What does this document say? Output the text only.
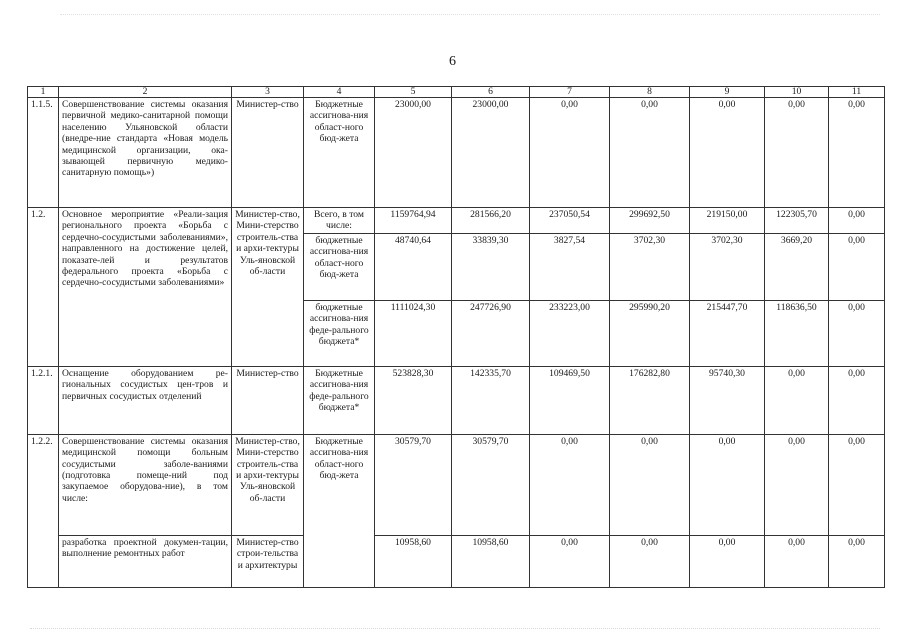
6
1	2	3	4	5	6	7	8	9	10	11
1.1.5.	Совершенствование системы оказания первичной медико-санитарной помощи населению Ульяновской области (внедре-ние стандарта «Новая модель медицинской организации, ока-зывающей первичную медико-санитарную помощь»)	Министер-ство	Бюджетные ассигнова-ния област-ного бюд-жета	23000,00	23000,00	0,00	0,00	0,00	0,00	0,00
1.2.	Основное мероприятие «Реали-зация регионального проекта «Борьба с сердечно-сосудистыми заболеваниями», направленного на достижение целей, показате-лей и результатов федерального проекта «Борьба с сердечно-сосудистыми заболеваниями»	Министер-ство, Мини-стерство строитель-ства и архи-тектуры Уль-яновской об-ласти	Всего, в том числе:	1159764,94	281566,20	237050,54	299692,50	219150,00	122305,70	0,00
			бюджетные ассигнова-ния област-ного бюд-жета	48740,64	33839,30	3827,54	3702,30	3702,30	3669,20	0,00
			бюджетные ассигнова-ния феде-рального бюджета*	1111024,30	247726,90	233223,00	295990,20	215447,70	118636,50	0,00
1.2.1.	Оснащение оборудованием ре-гиональных сосудистых цен-тров и первичных сосудистых отделений	Министер-ство	Бюджетные ассигнова-ния феде-рального бюджета*	523828,30	142335,70	109469,50	176282,80	95740,30	0,00	0,00
1.2.2.	Совершенствование системы оказания медицинской помощи больным сосудистыми заболе-ваниями (подготовка помеще-ний под закупаемое оборудова-ние), в том числе:	Министер-ство, Мини-стерство строитель-ства и архи-тектуры Уль-яновской об-ласти	Бюджетные ассигнова-ния област-ного бюд-жета	30579,70	30579,70	0,00	0,00	0,00	0,00	0,00
	разработка проектной докумен-тации, выполнение ремонтных работ	Министер-ство строи-тельства и архитектуры		10958,60	10958,60	0,00	0,00	0,00	0,00	0,00
